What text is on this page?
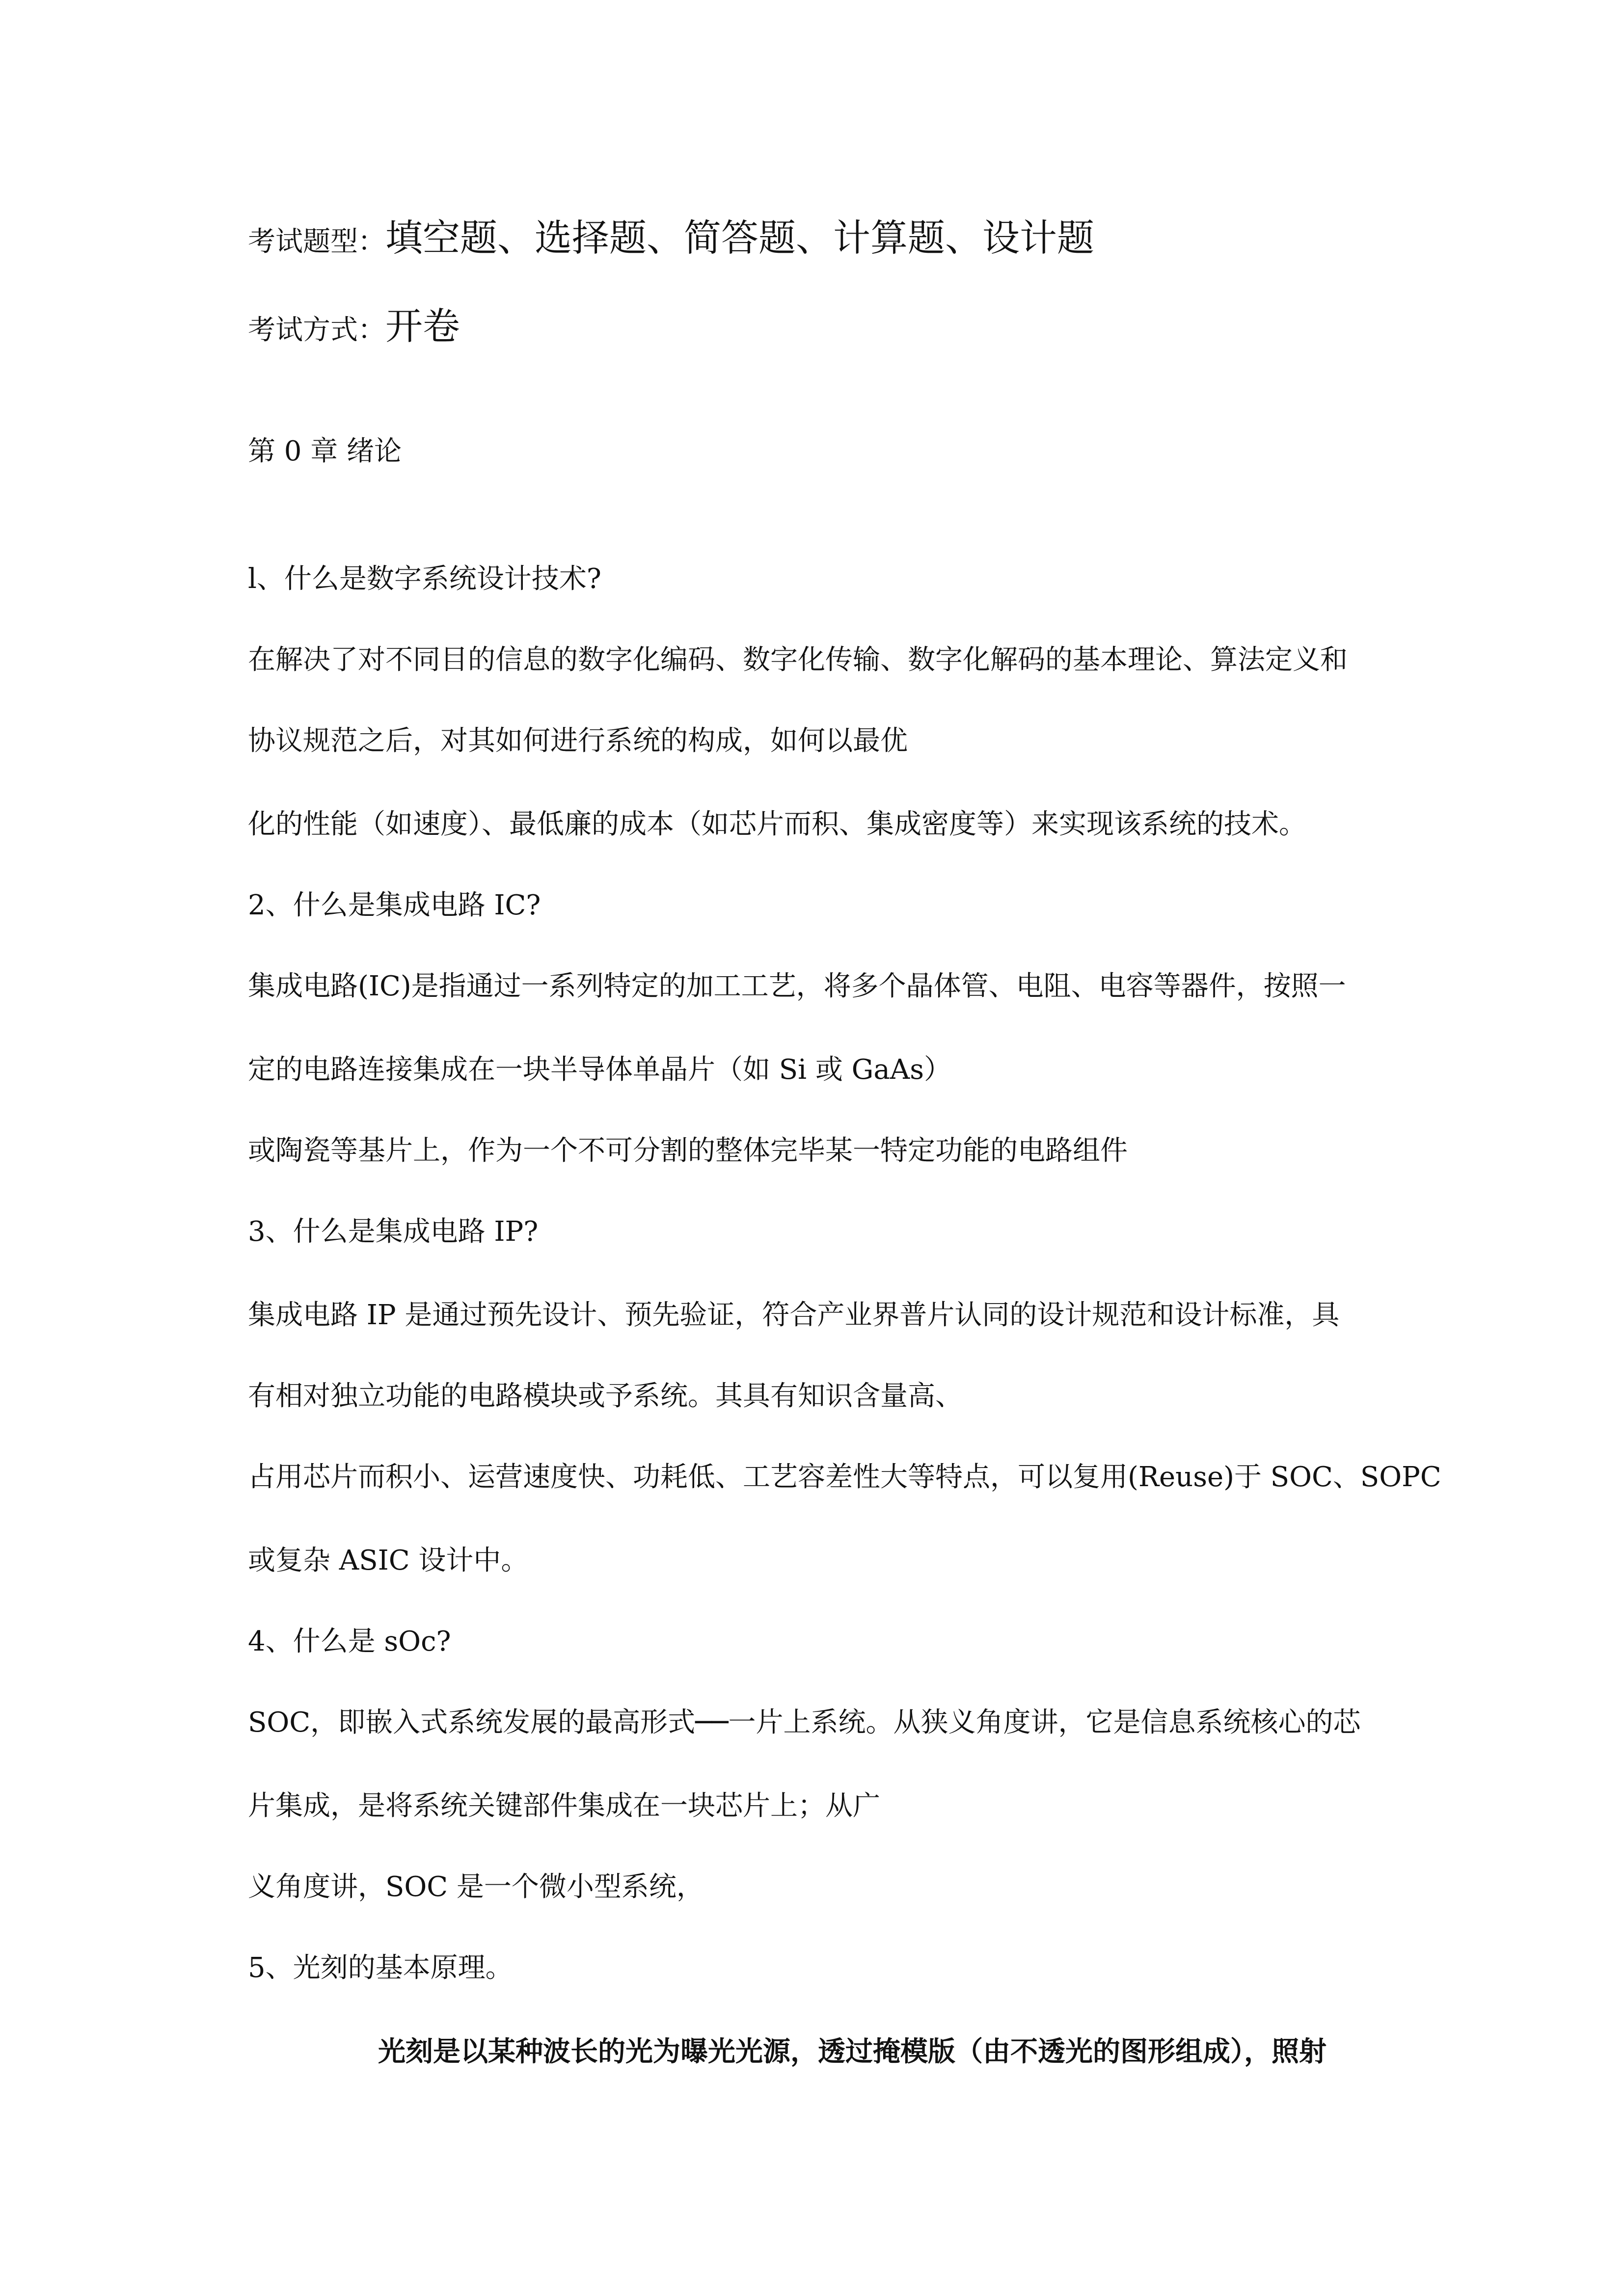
考试题型：填空题、选择题、简答题、计算题、设计题
考试方式：开卷
第 0 章 绪论
l、什么是数字系统设计技术?
在解决了对不同目的信息的数字化编码、数字化传输、数字化解码的基本理论、算法定义和
协议规范之后，对其如何进行系统的构成，如何以最优
化的性能（如速度）、最低廉的成本（如芯片而积、集成密度等）来实现该系统的技术。
2、什么是集成电路 IC?
集成电路(IC)是指通过一系列特定的加工工艺，将多个晶体管、电阻、电容等器件，按照一
定的电路连接集成在一块半导体单晶片（如 Si 或 GaAs）
或陶瓷等基片上，作为一个不可分割的整体完毕某一特定功能的电路组件
3、什么是集成电路 IP?
集成电路 IP 是通过预先设计、预先验证，符合产业界普片认同的设计规范和设计标准，具
有相对独立功能的电路模块或予系统。其具有知识含量高、
占用芯片而积小、运营速度快、功耗低、工艺容差性大等特点，可以复用(Reuse)于 SOC、SOPC
或复杂 ASIC 设计中。
4、什么是 sOc?
SOC，即嵌入式系统发展的最高形式──一片上系统。从狭义角度讲，它是信息系统核心的芯
片集成，是将系统关键部件集成在一块芯片上；从广
义角度讲，SOC 是一个微小型系统，
5、光刻的基本原理。
光刻是以某种波长的光为曝光光源，透过掩模版（由不透光的图形组成），照射
